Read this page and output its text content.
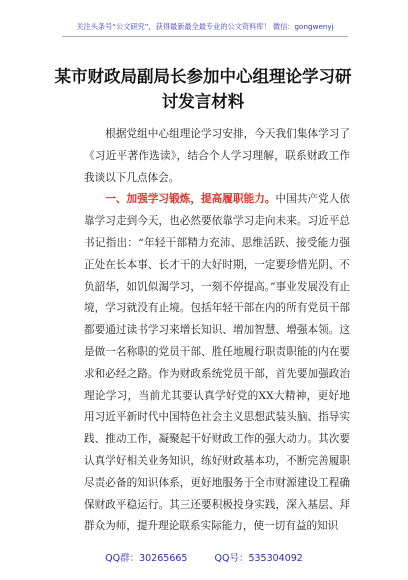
关注头条号“公文研究”，获得最新最全最专业的公文资料库！ 微信：gongwenyj
某市财政局副局长参加中心组理论学习研讨发言材料

根据党组中心组理论学习安排，今天我们集体学习了《习近平著作选读》，结合个人学习理解，联系财政工作我谈以下几点体会。

一、加强学习锻炼，提高履职能力。中国共产党人依靠学习走到今天，也必然要依靠学习走向未来。习近平总书记指出：“年轻干部精力充沛、思维活跃、接受能力强正处在长本事、长才干的大好时期，一定要珍惜光阴、不负韶华，如饥似渴学习，一刻不停提高。”事业发展没有止境，学习就没有止境。包括年轻干部在内的所有党员干部都要通过读书学习来增长知识、增加智慧、增强本领。这是做一名称职的党员干部、胜任地履行职责职能的内在要求和必经之路。作为财政系统党员干部，首先要加强政治理论学习，当前尤其要认真学好党的XX大精神，更好地用习近平新时代中国特色社会主义思想武装头脑、指导实践、推动工作，凝聚起干好财政工作的强大动力。其次要认真学好相关业务知识，练好财政基本功，不断完善履职尽责必备的知识体系，更好地服务于全市财源建设工程确保财政平稳运行。其三还要积极投身实践，深入基层、拜群众为师，提升理论联系实际能力，使一切有益的知识

QQ群：30265665	QQ号：535304092
